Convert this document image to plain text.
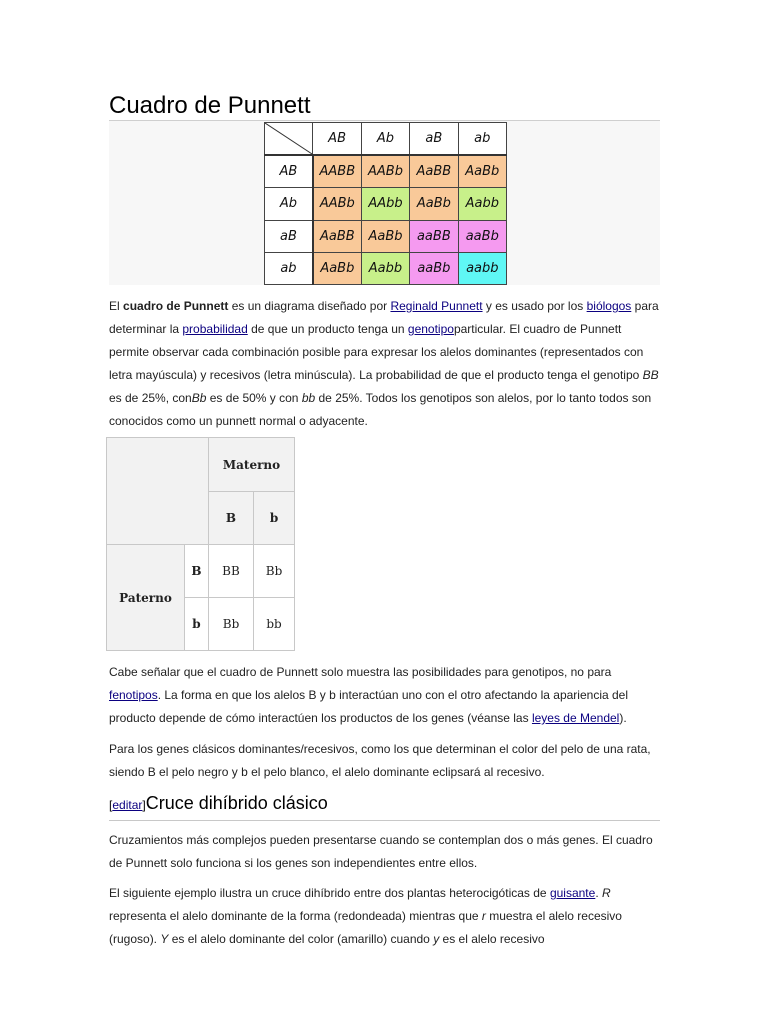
Cuadro de Punnett
	AB	Ab	aB	ab
AB	AABB	AABb	AaBB	AaBb
Ab	AABb	AAbb	AaBb	Aabb
aB	AaBB	AaBb	aaBB	aaBb
ab	AaBb	Aabb	aaBb	aabb

El cuadro de Punnett es un diagrama diseñado por Reginald Punnett y es usado por los biólogos para determinar la probabilidad de que un producto tenga un genotipoparticular. El cuadro de Punnett permite observar cada combinación posible para expresar los alelos dominantes (representados con letra mayúscula) y recesivos (letra minúscula). La probabilidad de que el producto tenga el genotipo BB es de 25%, conBb es de 50% y con bb de 25%. Todos los genotipos son alelos, por lo tanto todos son conocidos como un punnett normal o adyacente.

		Materno	
		B	b
Paterno	B	BB	Bb
	b	Bb	bb

Cabe señalar que el cuadro de Punnett solo muestra las posibilidades para genotipos, no para fenotipos. La forma en que los alelos B y b interactúan uno con el otro afectando la apariencia del producto depende de cómo interactúen los productos de los genes (véanse las leyes de Mendel).

Para los genes clásicos dominantes/recesivos, como los que determinan el color del pelo de una rata, siendo B el pelo negro y b el pelo blanco, el alelo dominante eclipsará al recesivo.

[editar]Cruce dihíbrido clásico

Cruzamientos más complejos pueden presentarse cuando se contemplan dos o más genes. El cuadro de Punnett solo funciona si los genes son independientes entre ellos.

El siguiente ejemplo ilustra un cruce dihíbrido entre dos plantas heterocigóticas de guisante. R representa el alelo dominante de la forma (redondeada) mientras que r muestra el alelo recesivo (rugoso). Y es el alelo dominante del color (amarillo) cuando y es el alelo recesivo
